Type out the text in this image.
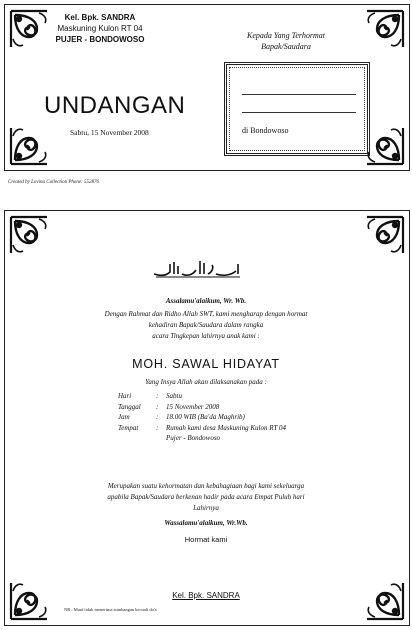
Kel. Bpk. SANDRA
Maskuning Kulon RT 04
PUJER - BONDOWOSO
UNDANGAN
Sabtu, 15 November 2008
Kepada Yang Terhormat
Bapak/Saudara
di Bondowoso
Created by Lovina Collection Phone: 552876
Assalamu'alaikum, Wr. Wb.
Dengan Rahmat dan Ridho Allah SWT, kami mengharap dengan hormat
kehadiran Bapak/Saudara dalam rangka
acara Tingkepan lahirnya anak kami :
MOH. SAWAL HIDAYAT
Yang Insya Allah akan dilaksanakan pada :
Hari	:	Sabtu
Tanggal	:	15 November 2008
Jam	:	18.00 WIB (Ba'da Maghrib)
Tempat	:	Rumah kami desa Maskuning Kulon RT 04
Pujer - Bondowoso
Merupakan suatu kehormatan dan kebahagiaan bagi kami sekeluarga
apabila Bapak/Saudara berkenan hadir pada acara Empat Puluh hari
Lahirnya
Wassalamu'alaikum, Wr.Wb.
Hormat kami
Kel. Bpk. SANDRA
NB : Maaf tidak menerima sumbangan kecuali do'a
